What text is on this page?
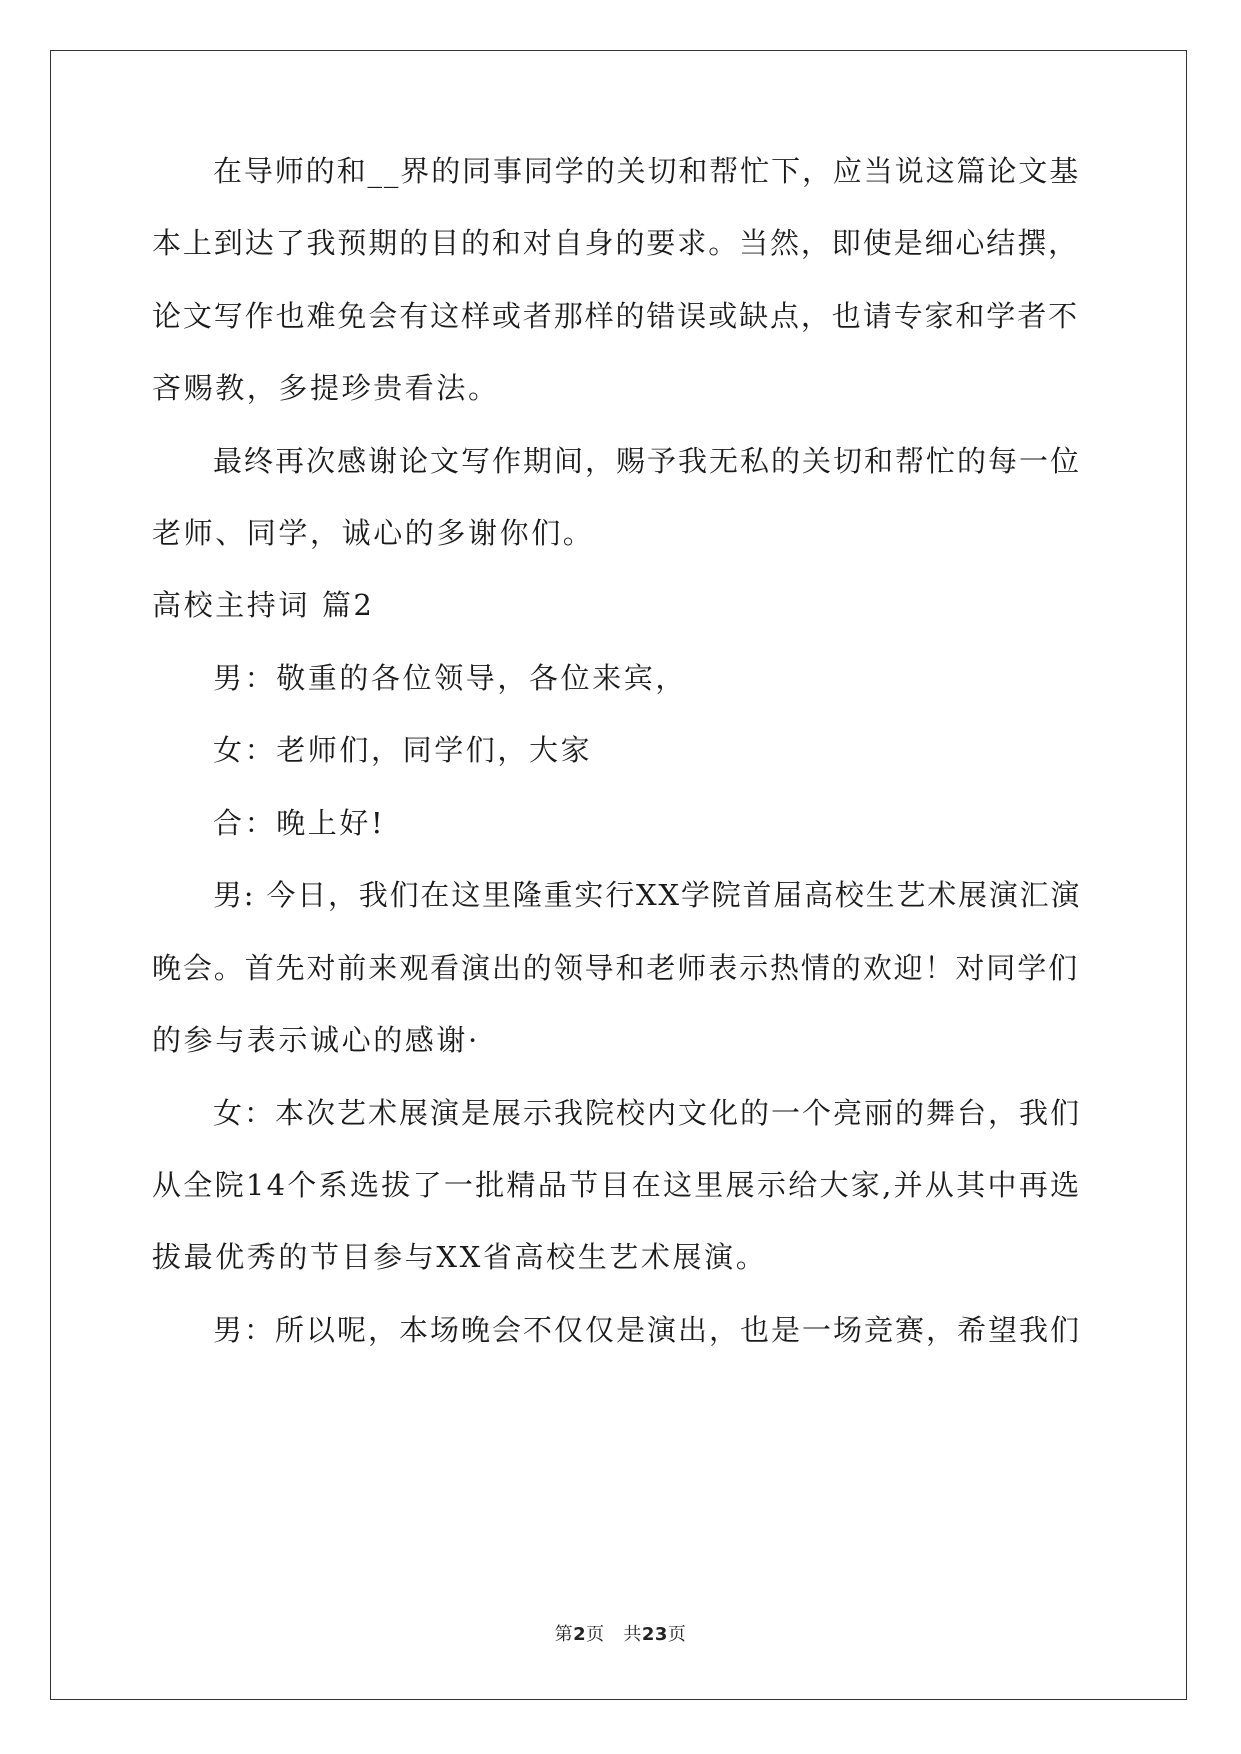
在导师的和__界的同事同学的关切和帮忙下，应当说这篇论文基
本上到达了我预期的目的和对自身的要求。当然，即使是细心结撰，
论文写作也难免会有这样或者那样的错误或缺点，也请专家和学者不
吝赐教，多提珍贵看法。
最终再次感谢论文写作期间，赐予我无私的关切和帮忙的每一位
老师、同学，诚心的多谢你们。
高校主持词 篇2
男：敬重的各位领导，各位来宾，
女：老师们，同学们，大家
合：晚上好!
男: 今日，我们在这里隆重实行XX学院首届高校生艺术展演汇演
晚会。首先对前来观看演出的领导和老师表示热情的欢迎！对同学们
的参与表示诚心的感谢·
女：本次艺术展演是展示我院校内文化的一个亮丽的舞台，我们
从全院14个系选拔了一批精品节目在这里展示给大家,并从其中再选
拔最优秀的节目参与XX省高校生艺术展演。
男：所以呢，本场晚会不仅仅是演出，也是一场竞赛，希望我们
第2页 共23页
